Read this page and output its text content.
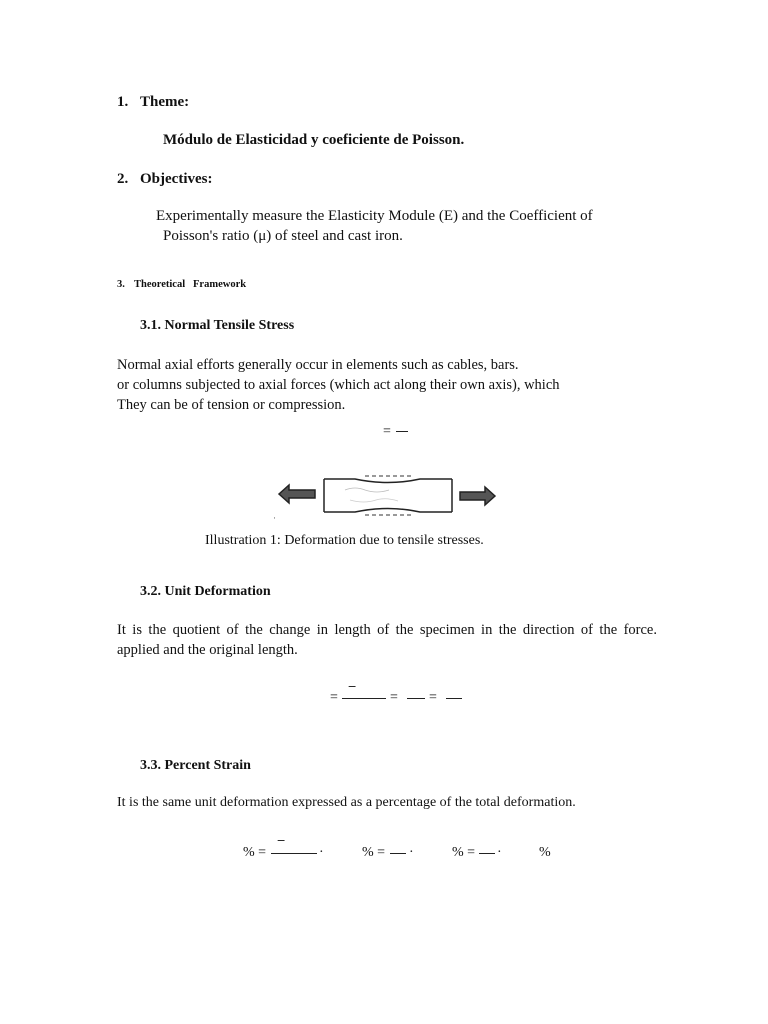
1. Theme:
Módulo de Elasticidad y coeficiente de Poisson.
2. Objectives:
Experimentally measure the Elasticity Module (E) and the Coefficient of
Poisson's ratio (μ) of steel and cast iron.
3. Theoretical   Framework
3.1. Normal Tensile Stress
Normal axial efforts generally occur in elements such as cables, bars.
or columns subjected to axial forces (which act along their own axis), which
They can be of tension or compression.
=
·
Illustration 1: Deformation due to tensile stresses.
3.2. Unit Deformation
It is the quotient of the change in length of the specimen in the direction of the force.
applied and the original length.
=
−
= =
3.3. Percent Strain
It is the same unit deformation expressed as a percentage of the total deformation.
% =
−
·	% = ·	% = ·	%
